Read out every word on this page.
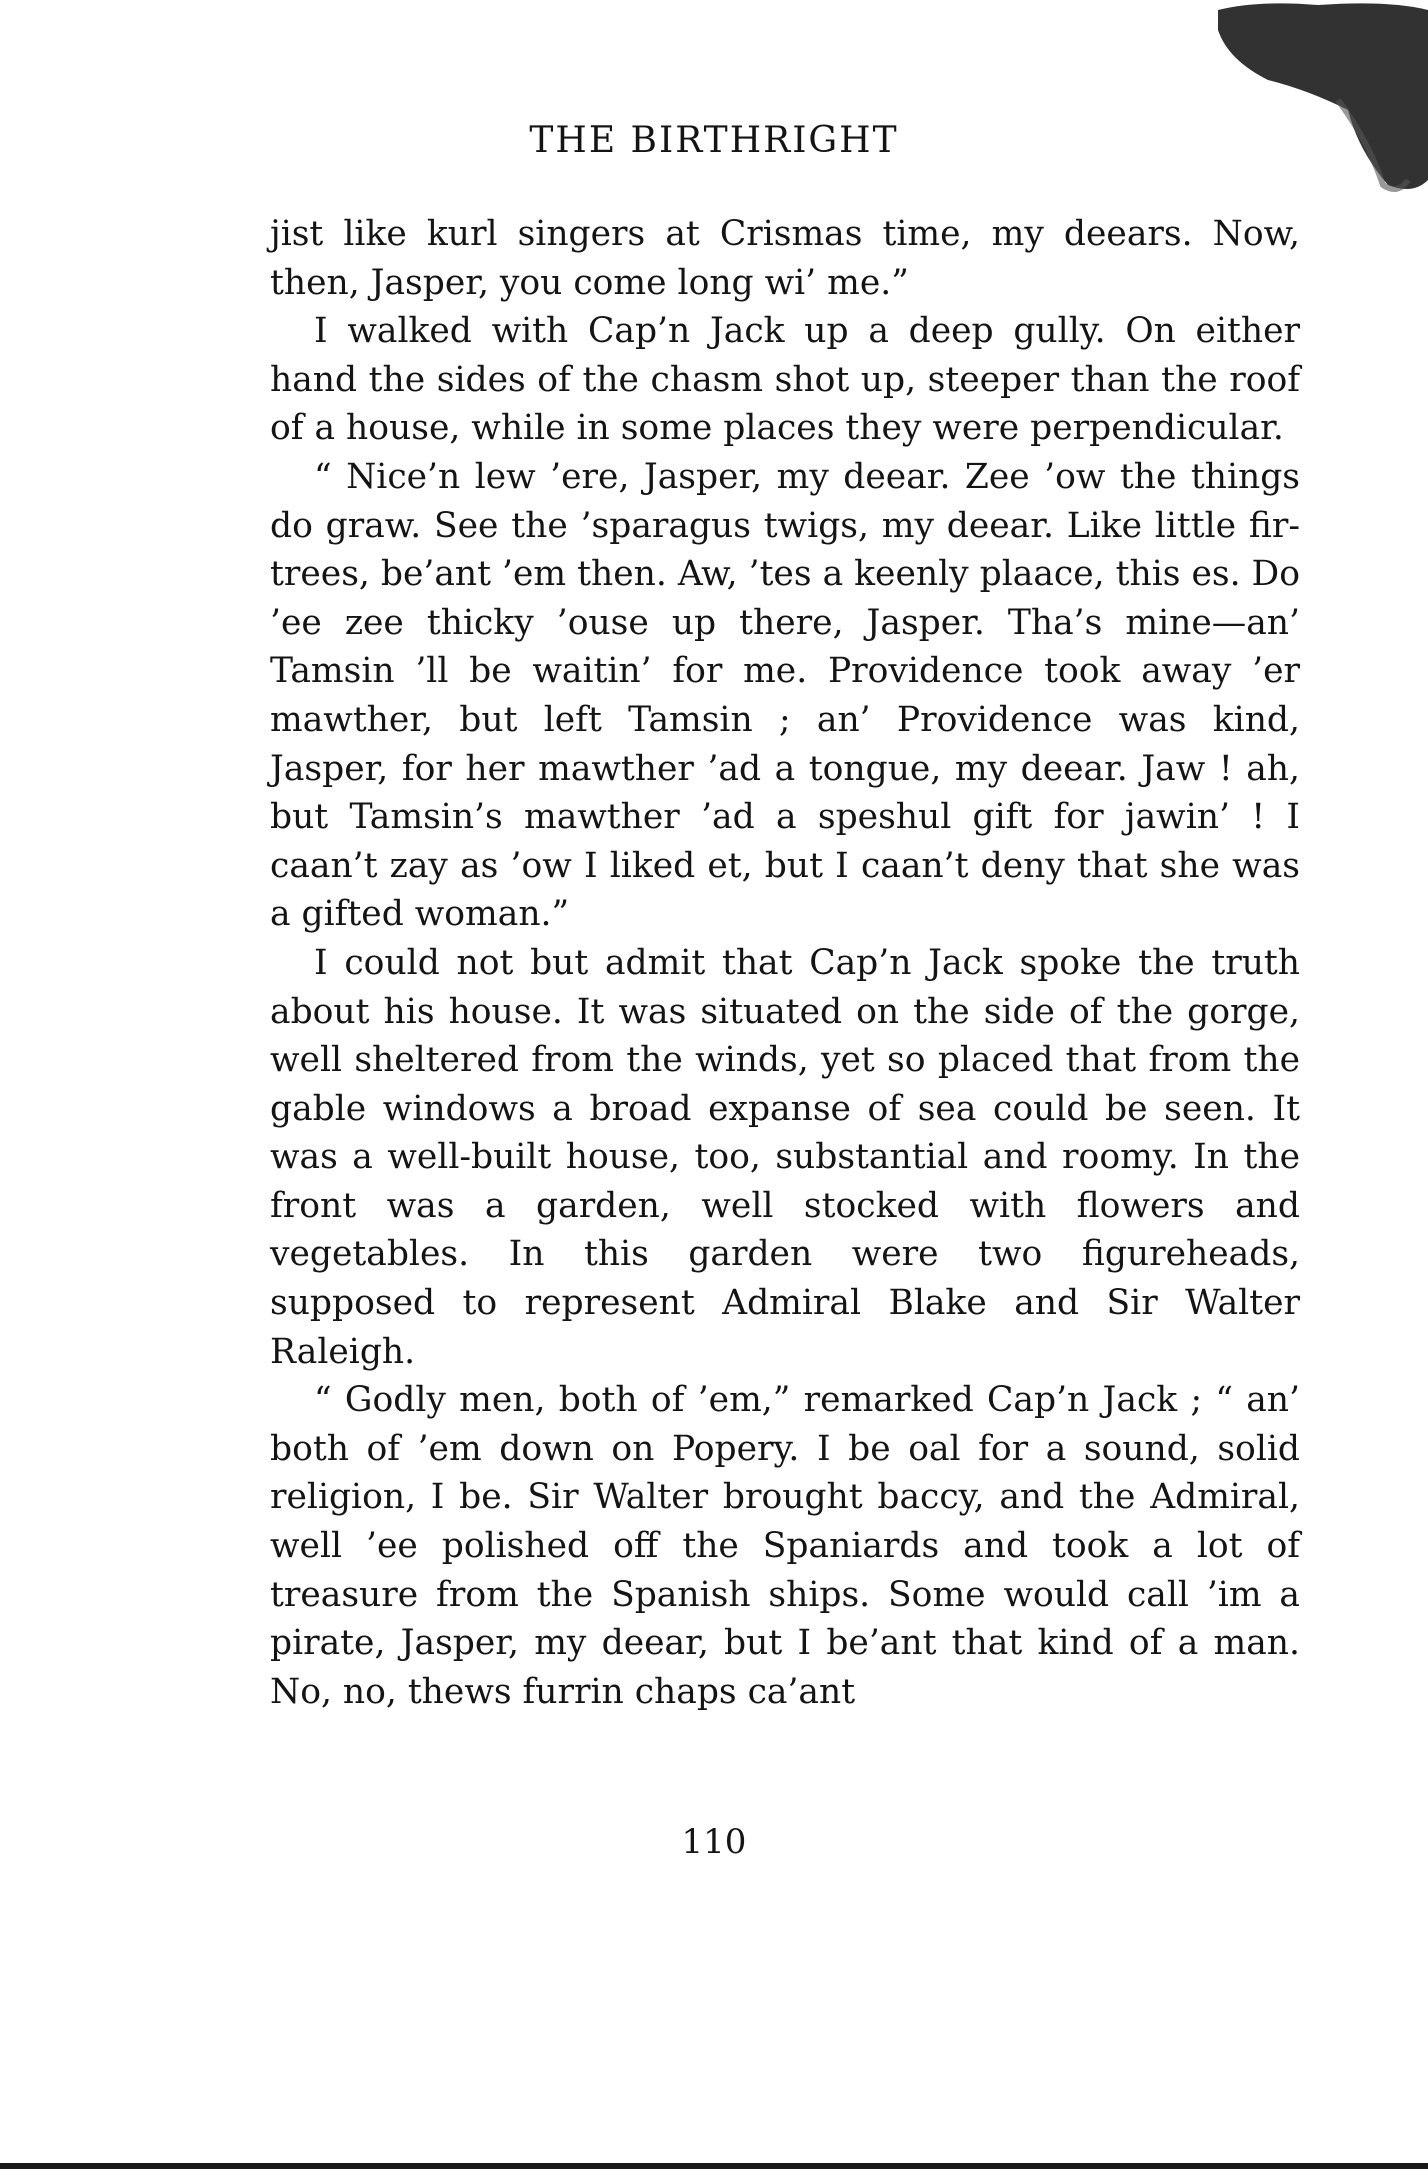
THE BIRTHRIGHT

jist like kurl singers at Crismas time, my deears. Now, then, Jasper, you come long wi’ me.”

I walked with Cap’n Jack up a deep gully. On either hand the sides of the chasm shot up, steeper than the roof of a house, while in some places they were perpendicular.

“ Nice’n lew ’ere, Jasper, my deear. Zee ’ow the things do graw. See the ’sparagus twigs, my deear. Like little fir-trees, be’ant ’em then. Aw, ’tes a keenly plaace, this es. Do ’ee zee thicky ’ouse up there, Jasper. Tha’s mine—an’ Tamsin ’ll be waitin’ for me. Providence took away ’er mawther, but left Tamsin ; an’ Providence was kind, Jasper, for her mawther ’ad a tongue, my deear. Jaw ! ah, but Tamsin’s mawther ’ad a speshul gift for jawin’ ! I caan’t zay as ’ow I liked et, but I caan’t deny that she was a gifted woman.”

I could not but admit that Cap’n Jack spoke the truth about his house. It was situated on the side of the gorge, well sheltered from the winds, yet so placed that from the gable windows a broad expanse of sea could be seen. It was a well-built house, too, substantial and roomy. In the front was a garden, well stocked with flowers and vegetables. In this garden were two figureheads, supposed to represent Admiral Blake and Sir Walter Raleigh.

“ Godly men, both of ’em,” remarked Cap’n Jack ; “ an’ both of ’em down on Popery. I be oal for a sound, solid religion, I be. Sir Walter brought baccy, and the Admiral, well ’ee polished off the Spaniards and took a lot of treasure from the Spanish ships. Some would call ’im a pirate, Jasper, my deear, but I be’ant that kind of a man. No, no, thews furrin chaps ca’ant

110
